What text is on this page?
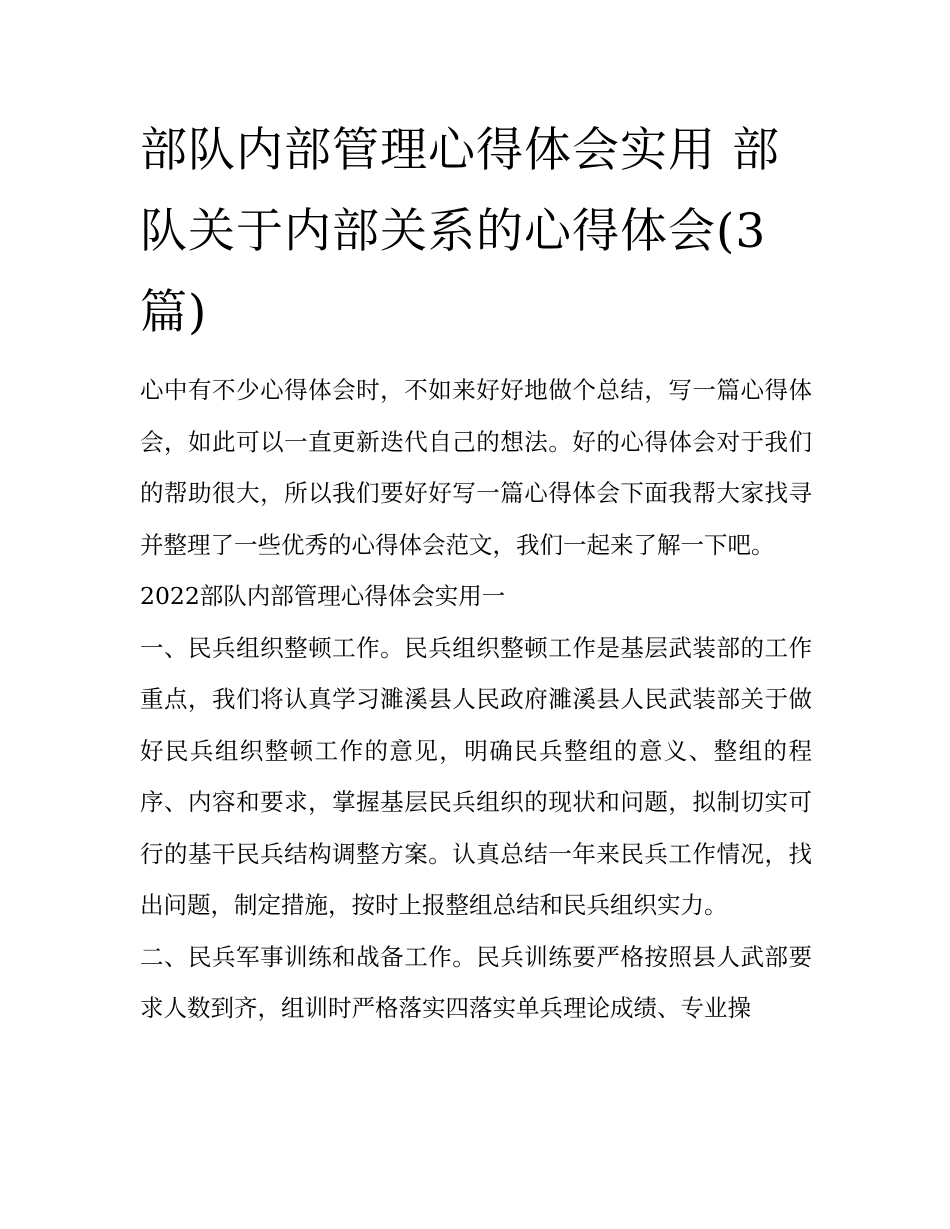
部队内部管理心得体会实用 部队关于内部关系的心得体会(3篇)

心中有不少心得体会时，不如来好好地做个总结，写一篇心得体会，如此可以一直更新迭代自己的想法。好的心得体会对于我们的帮助很大，所以我们要好好写一篇心得体会下面我帮大家找寻并整理了一些优秀的心得体会范文，我们一起来了解一下吧。

2022部队内部管理心得体会实用一

一、民兵组织整顿工作。民兵组织整顿工作是基层武装部的工作重点，我们将认真学习濉溪县人民政府濉溪县人民武装部关于做好民兵组织整顿工作的意见，明确民兵整组的意义、整组的程序、内容和要求，掌握基层民兵组织的现状和问题，拟制切实可行的基干民兵结构调整方案。认真总结一年来民兵工作情况，找出问题，制定措施，按时上报整组总结和民兵组织实力。

二、民兵军事训练和战备工作。民兵训练要严格按照县人武部要求人数到齐，组训时严格落实四落实单兵理论成绩、专业操
